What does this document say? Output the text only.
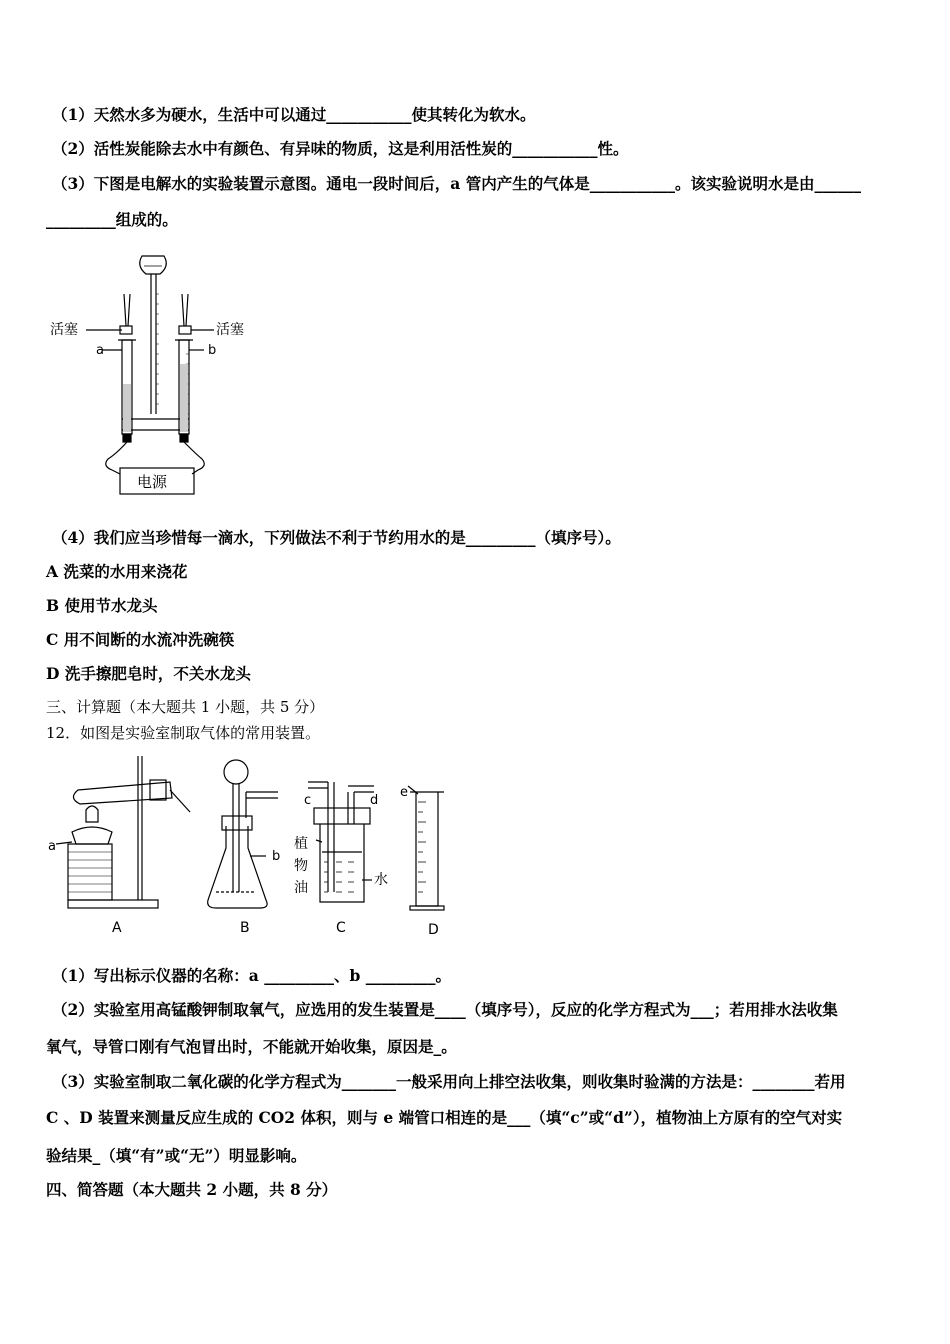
（1）天然水多为硬水，生活中可以通过___________使其转化为软水。
（2）活性炭能除去水中有颜色、有异味的物质，这是利用活性炭的___________性。
（3）下图是电解水的实验装置示意图。通电一段时间后，a 管内产生的气体是___________。该实验说明水是由______
_________组成的。
活塞	活塞
a	b
电源
（4）我们应当珍惜每一滴水，下列做法不利于节约用水的是_________（填序号）。
A 洗菜的水用来浇花
B 使用节水龙头
C 用不间断的水流冲洗碗筷
D 洗手擦肥皂时，不关水龙头
三、计算题（本大题共 1 小题，共 5 分）
12．如图是实验室制取气体的常用装置。
a
b
c	d
e
植
物
油	水
A	B	C	D
（1）写出标示仪器的名称：a _________、b _________。
（2）实验室用高锰酸钾制取氧气，应选用的发生装置是____（填序号），反应的化学方程式为___；若用排水法收集
氧气，导管口刚有气泡冒出时，不能就开始收集，原因是_。
（3）实验室制取二氧化碳的化学方程式为_______一般采用向上排空法收集，则收集时验满的方法是：________若用
C 、D 装置来测量反应生成的 CO2 体积，则与 e 端管口相连的是___（填“c”或“d”），植物油上方原有的空气对实
验结果_（填“有”或“无”）明显影响。
四、简答题（本大题共 2 小题，共 8 分）
